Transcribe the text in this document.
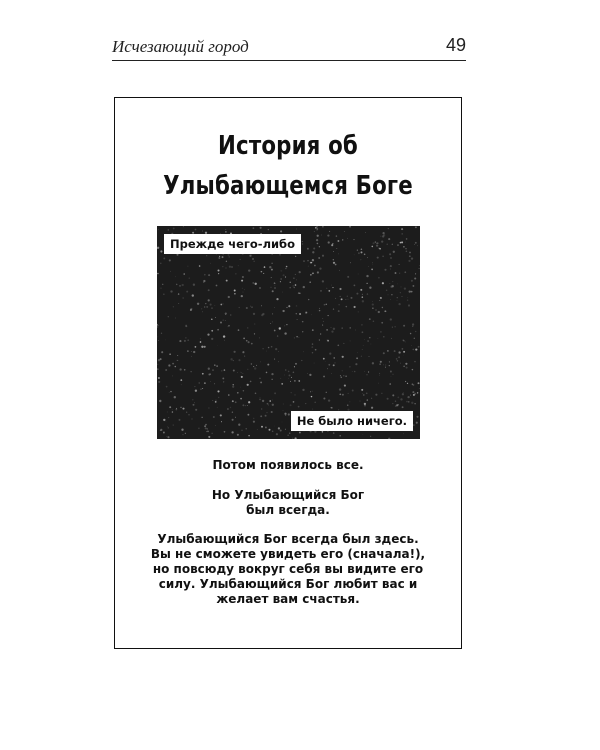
Исчезающий город	49
История об
Улыбающемся Боге
Прежде чего-либо
Не было ничего.
Потом появилось все.
Но Улыбающийся Бог
был всегда.
Улыбающийся Бог всегда был здесь.
Вы не сможете увидеть его (сначала!),
но повсюду вокруг себя вы видите его
силу. Улыбающийся Бог любит вас и
желает вам счастья.
